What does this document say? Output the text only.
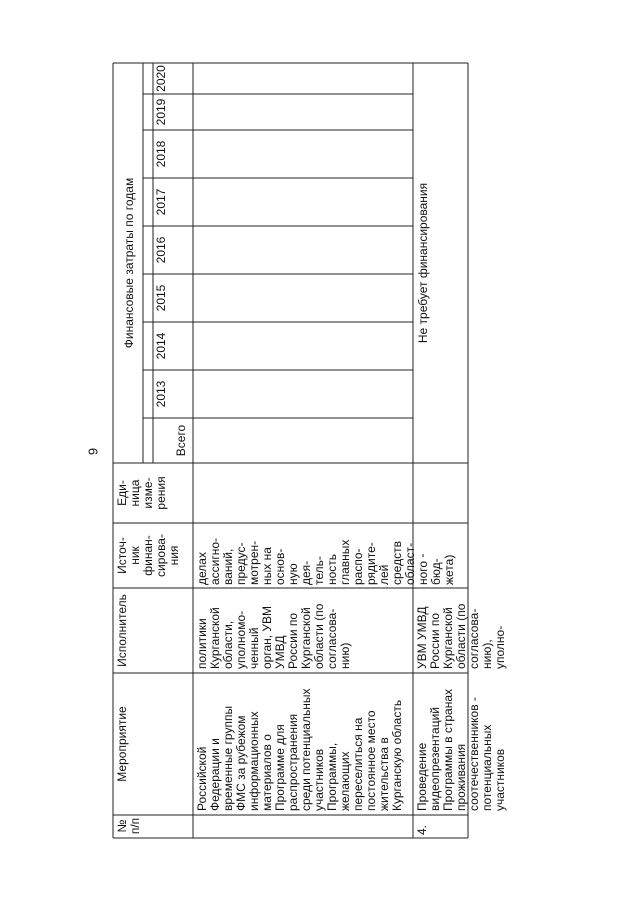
9
№
п/п
Мероприятие
Исполнитель
Источ-
ник
финан-
сирова-
ния
Еди-
ница
изме-
рения
Финансовые затраты по годам
Всего
2013
2014
2015
2016
2017
2018
2019
2020
Российской
Федерации и
временные группы
ФМС за рубежом
информационных
материалов о
Программе для
распространения
среди потенциальных
участников
Программы,
желающих
переселиться на
постоянное место
жительства в
Курганскую область
политики
Курганской
области,
уполномо-
ченный
орган, УВМ
УМВД
России по
Курганской
области (по
согласова-
нию)
делах
ассигно-
ваний,
предус-
мотрен-
ных на
основ-
ную
дея-
тель-
ность
главных
распо-
рядите-
лей
средств
област-
ного
бюд-
жета)
4.
Проведение
видеопрезентаций
Программы в странах
проживания
соотечественников -
потенциальных
участников
УВМ УМВД
России по
Курганской
области (по
согласова-
нию),
уполно-
-
Не требует финансирования
